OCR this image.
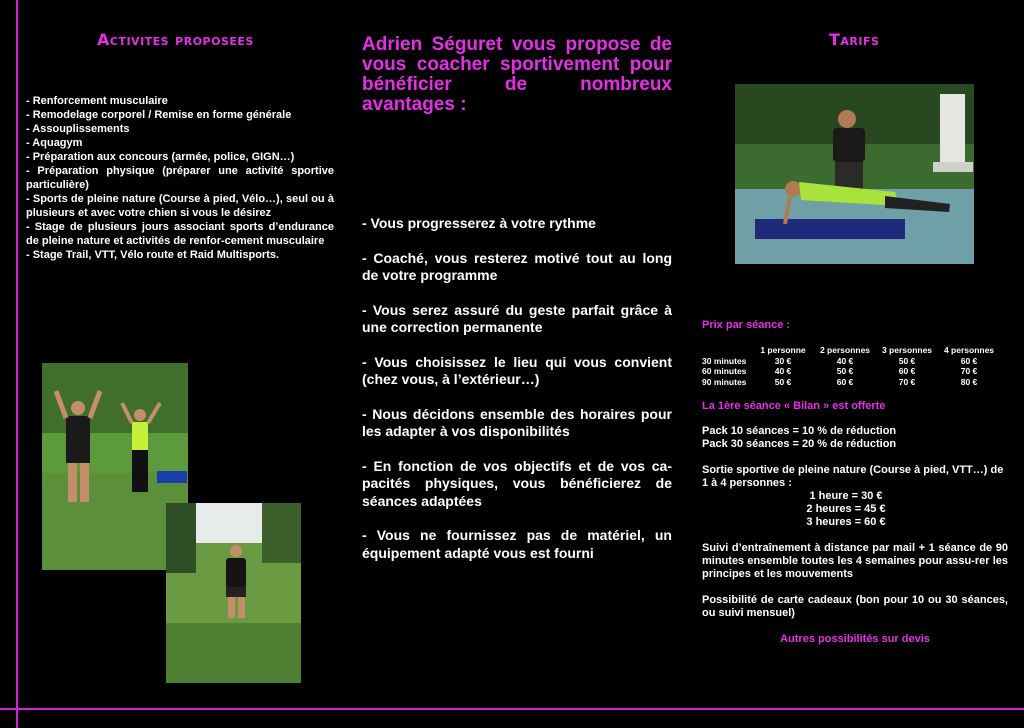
Activites proposees
- Renforcement musculaire
- Remodelage corporel / Remise en forme générale
- Assouplissements
- Aquagym
- Préparation aux concours (armée, police, GIGN…)
- Préparation physique (préparer une activité sportive particulière)
- Sports de pleine nature (Course à pied, Vélo…), seul ou à plusieurs et avec votre chien si vous le désirez
- Stage de plusieurs jours associant sports d’endurance de pleine nature et activités de renfor-cement musculaire
- Stage Trail, VTT, Vélo route et Raid Multisports.
Adrien Séguret vous propose de vous coacher sportivement pour bénéficier de nombreux avantages :

- Vous progresserez à votre rythme

- Coaché, vous resterez motivé tout au long de votre programme

- Vous serez assuré du geste parfait grâce à une correction permanente

- Vous choisissez le lieu qui vous convient (chez vous, à l’extérieur…)

- Nous décidons ensemble des horaires pour les adapter à vos disponibilités

- En fonction de vos objectifs et de vos ca-pacités physiques, vous bénéficierez de séances adaptées

- Vous ne fournissez pas de matériel, un équipement adapté vous est fourni

Tarifs
Prix par séance :
	1 personne	2 personnes	3 personnes	4 personnes
30 minutes	30 €	40 €	50 €	60 €
60 minutes	40 €	50 €	60 €	70 €
90 minutes	50 €	60 €	70 €	80 €
La 1ère séance « Bilan » est offerte
Pack 10 séances = 10 % de réduction
Pack 30 séances = 20 % de réduction
Sortie sportive de pleine nature (Course à pied, VTT…) de 1 à 4 personnes :
1 heure = 30 €
2 heures = 45 €
3 heures = 60 €
Suivi d’entraînement à distance par mail + 1 séance de 90 minutes ensemble toutes les 4 semaines pour assu-rer les principes et les mouvements
Possibilité de carte cadeaux (bon pour 10 ou 30 séances, ou suivi mensuel)
Autres possibilités sur devis
